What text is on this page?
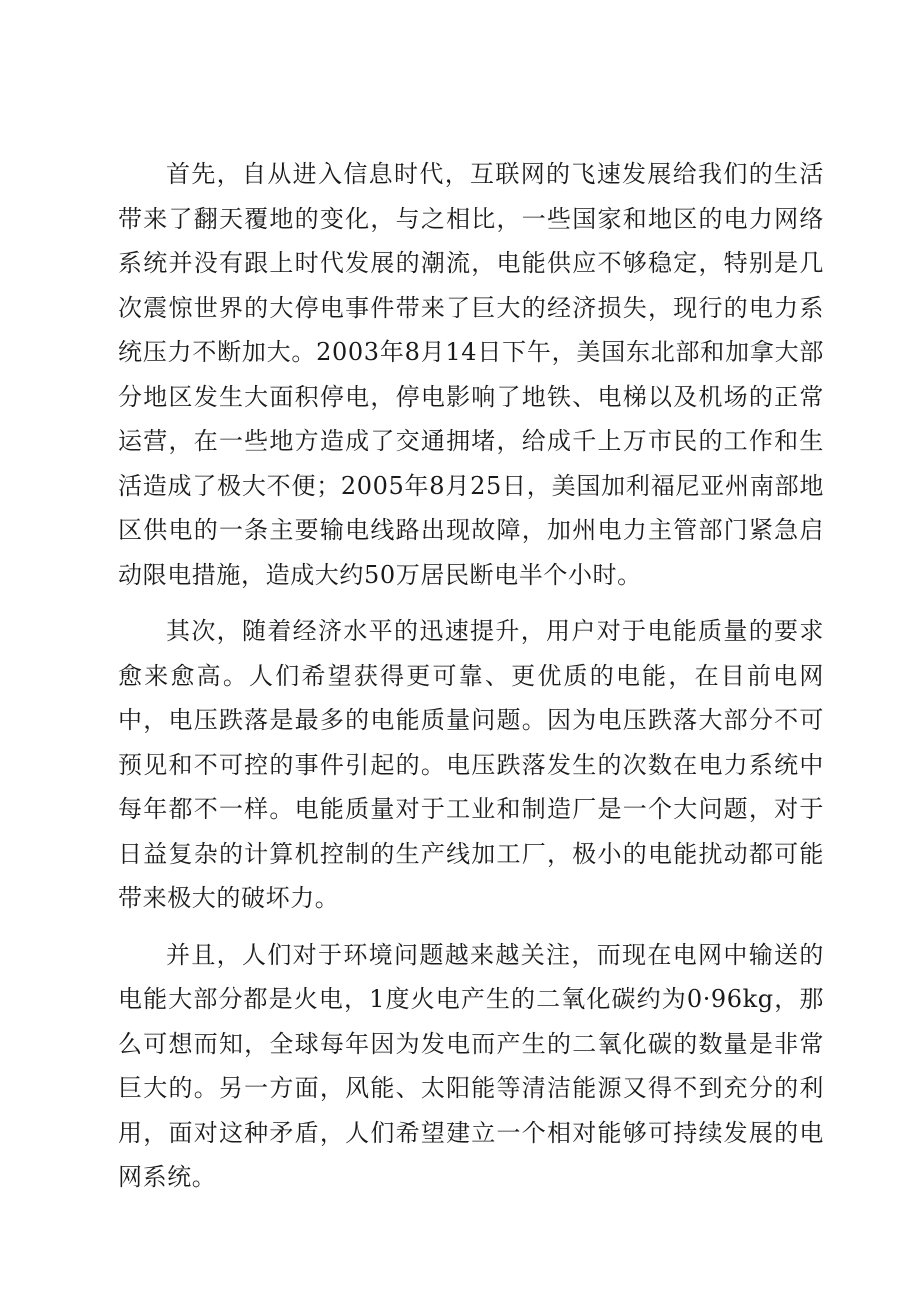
首先，自从进入信息时代，互联网的飞速发展给我们的生活带来了翻天覆地的变化，与之相比，一些国家和地区的电力网络系统并没有跟上时代发展的潮流，电能供应不够稳定，特别是几次震惊世界的大停电事件带来了巨大的经济损失，现行的电力系统压力不断加大。2003年8月14日下午，美国东北部和加拿大部分地区发生大面积停电，停电影响了地铁、电梯以及机场的正常运营，在一些地方造成了交通拥堵，给成千上万市民的工作和生活造成了极大不便；2005年8月25日，美国加利福尼亚州南部地区供电的一条主要输电线路出现故障，加州电力主管部门紧急启动限电措施，造成大约50万居民断电半个小时。

其次，随着经济水平的迅速提升，用户对于电能质量的要求愈来愈高。人们希望获得更可靠、更优质的电能，在目前电网中，电压跌落是最多的电能质量问题。因为电压跌落大部分不可预见和不可控的事件引起的。电压跌落发生的次数在电力系统中每年都不一样。电能质量对于工业和制造厂是一个大问题，对于日益复杂的计算机控制的生产线加工厂，极小的电能扰动都可能带来极大的破坏力。

并且，人们对于环境问题越来越关注，而现在电网中输送的电能大部分都是火电，1度火电产生的二氧化碳约为0·96kg，那么可想而知，全球每年因为发电而产生的二氧化碳的数量是非常巨大的。另一方面，风能、太阳能等清洁能源又得不到充分的利用，面对这种矛盾，人们希望建立一个相对能够可持续发展的电网系统。
